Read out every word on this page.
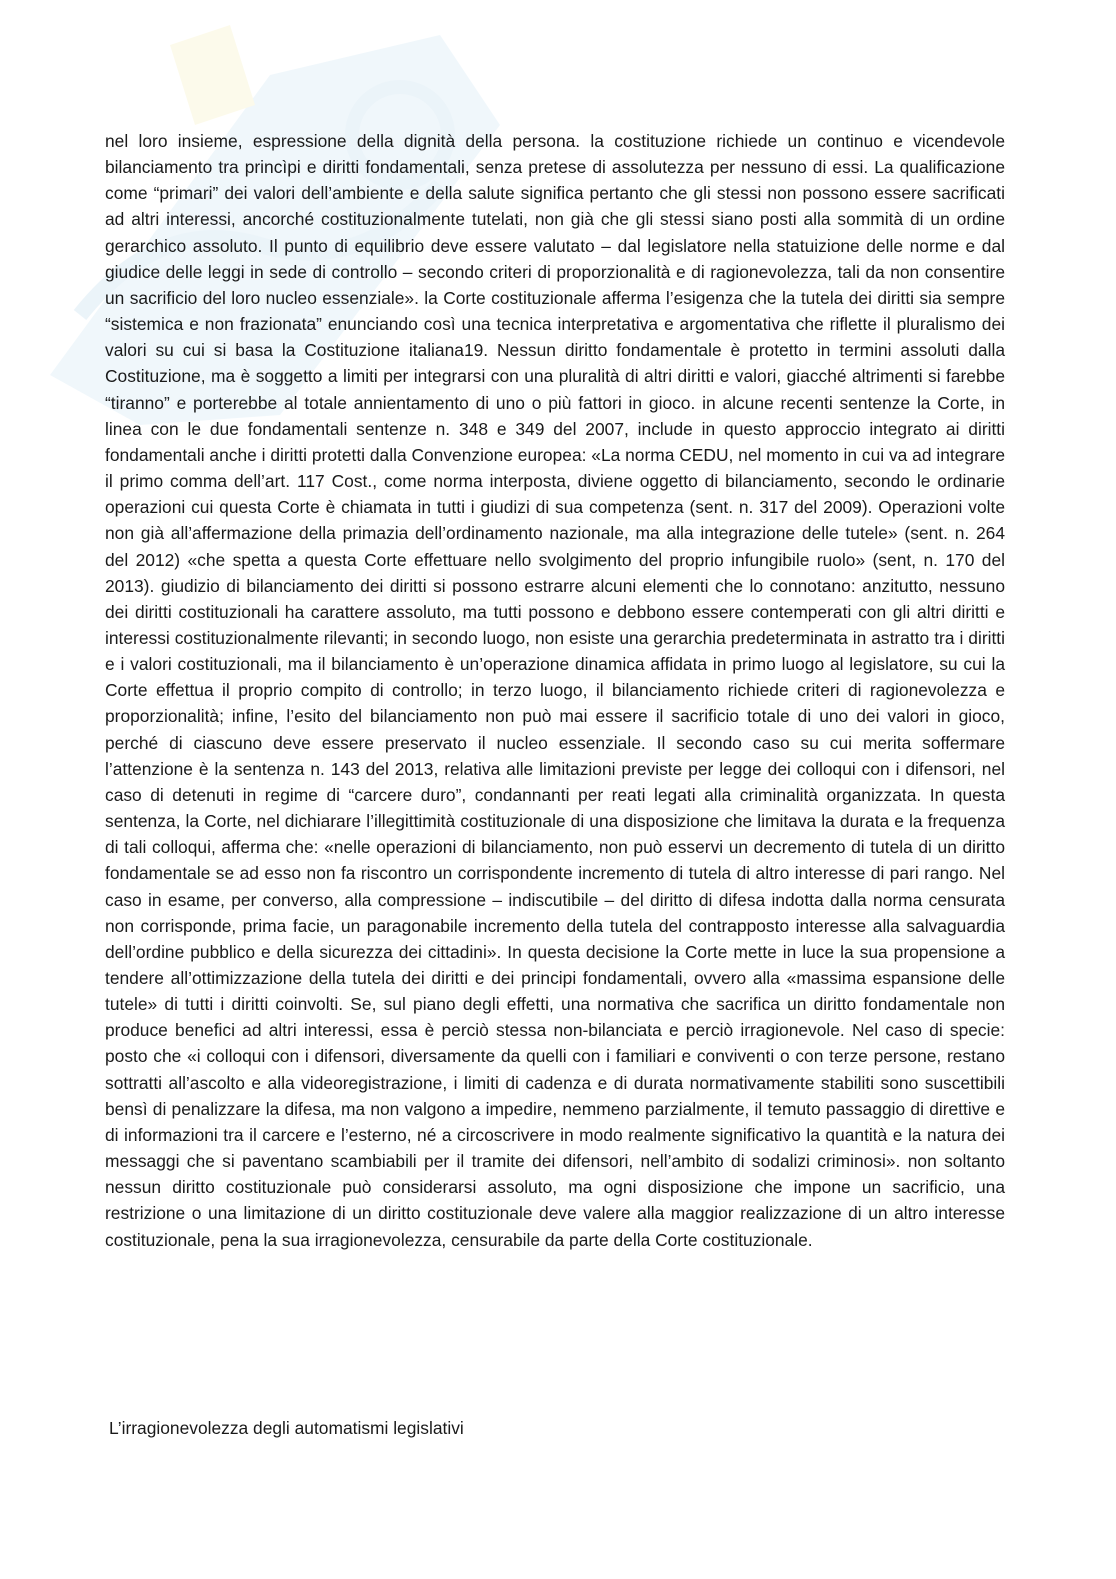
nel loro insieme, espressione della dignità della persona. la costituzione richiede un continuo e vicendevole bilanciamento tra princìpi e diritti fondamentali, senza pretese di assolutezza per nessuno di essi. La qualificazione come “primari” dei valori dell’ambiente e della salute significa pertanto che gli stessi non possono essere sacrificati ad altri interessi, ancorché costituzionalmente tutelati, non già che gli stessi siano posti alla sommità di un ordine gerarchico assoluto. Il punto di equilibrio deve essere valutato – dal legislatore nella statuizione delle norme e dal giudice delle leggi in sede di controllo – secondo criteri di proporzionalità e di ragionevolezza, tali da non consentire un sacrificio del loro nucleo essenziale». la Corte costituzionale afferma l’esigenza che la tutela dei diritti sia sempre “sistemica e non frazionata” enunciando così una tecnica interpretativa e argomentativa che riflette il pluralismo dei valori su cui si basa la Costituzione italiana19. Nessun diritto fondamentale è protetto in termini assoluti dalla Costituzione, ma è soggetto a limiti per integrarsi con una pluralità di altri diritti e valori, giacché altrimenti si farebbe “tiranno” e porterebbe al totale annientamento di uno o più fattori in gioco. in alcune recenti sentenze la Corte, in linea con le due fondamentali sentenze n. 348 e 349 del 2007, include in questo approccio integrato ai diritti fondamentali anche i diritti protetti dalla Convenzione europea: «La norma CEDU, nel momento in cui va ad integrare il primo comma dell’art. 117 Cost., come norma interposta, diviene oggetto di bilanciamento, secondo le ordinarie operazioni cui questa Corte è chiamata in tutti i giudizi di sua competenza (sent. n. 317 del 2009). Operazioni volte non già all’affermazione della primazia dell’ordinamento nazionale, ma alla integrazione delle tutele» (sent. n. 264 del 2012) «che spetta a questa Corte effettuare nello svolgimento del proprio infungibile ruolo» (sent, n. 170 del 2013). giudizio di bilanciamento dei diritti si possono estrarre alcuni elementi che lo connotano: anzitutto, nessuno dei diritti costituzionali ha carattere assoluto, ma tutti possono e debbono essere contemperati con gli altri diritti e interessi costituzionalmente rilevanti; in secondo luogo, non esiste una gerarchia predeterminata in astratto tra i diritti e i valori costituzionali, ma il bilanciamento è un’operazione dinamica affidata in primo luogo al legislatore, su cui la Corte effettua il proprio compito di controllo; in terzo luogo, il bilanciamento richiede criteri di ragionevolezza e proporzionalità; infine, l’esito del bilanciamento non può mai essere il sacrificio totale di uno dei valori in gioco, perché di ciascuno deve essere preservato il nucleo essenziale. Il secondo caso su cui merita soffermare l’attenzione è la sentenza n. 143 del 2013, relativa alle limitazioni previste per legge dei colloqui con i difensori, nel caso di detenuti in regime di “carcere duro”, condannanti per reati legati alla criminalità organizzata. In questa sentenza, la Corte, nel dichiarare l’illegittimità costituzionale di una disposizione che limitava la durata e la frequenza di tali colloqui, afferma che: «nelle operazioni di bilanciamento, non può esservi un decremento di tutela di un diritto fondamentale se ad esso non fa riscontro un corrispondente incremento di tutela di altro interesse di pari rango. Nel caso in esame, per converso, alla compressione – indiscutibile – del diritto di difesa indotta dalla norma censurata non corrisponde, prima facie, un paragonabile incremento della tutela del contrapposto interesse alla salvaguardia dell’ordine pubblico e della sicurezza dei cittadini». In questa decisione la Corte mette in luce la sua propensione a tendere all’ottimizzazione della tutela dei diritti e dei principi fondamentali, ovvero alla «massima espansione delle tutele» di tutti i diritti coinvolti. Se, sul piano degli effetti, una normativa che sacrifica un diritto fondamentale non produce benefici ad altri interessi, essa è perciò stessa non-bilanciata e perciò irragionevole. Nel caso di specie: posto che «i colloqui con i difensori, diversamente da quelli con i familiari e conviventi o con terze persone, restano sottratti all’ascolto e alla videoregistrazione, i limiti di cadenza e di durata normativamente stabiliti sono suscettibili bensì di penalizzare la difesa, ma non valgono a impedire, nemmeno parzialmente, il temuto passaggio di direttive e di informazioni tra il carcere e l’esterno, né a circoscrivere in modo realmente significativo la quantità e la natura dei messaggi che si paventano scambiabili per il tramite dei difensori, nell’ambito di sodalizi criminosi». non soltanto nessun diritto costituzionale può considerarsi assoluto, ma ogni disposizione che impone un sacrificio, una restrizione o una limitazione di un diritto costituzionale deve valere alla maggior realizzazione di un altro interesse costituzionale, pena la sua irragionevolezza, censurabile da parte della Corte costituzionale.

L’irragionevolezza degli automatismi legislativi
